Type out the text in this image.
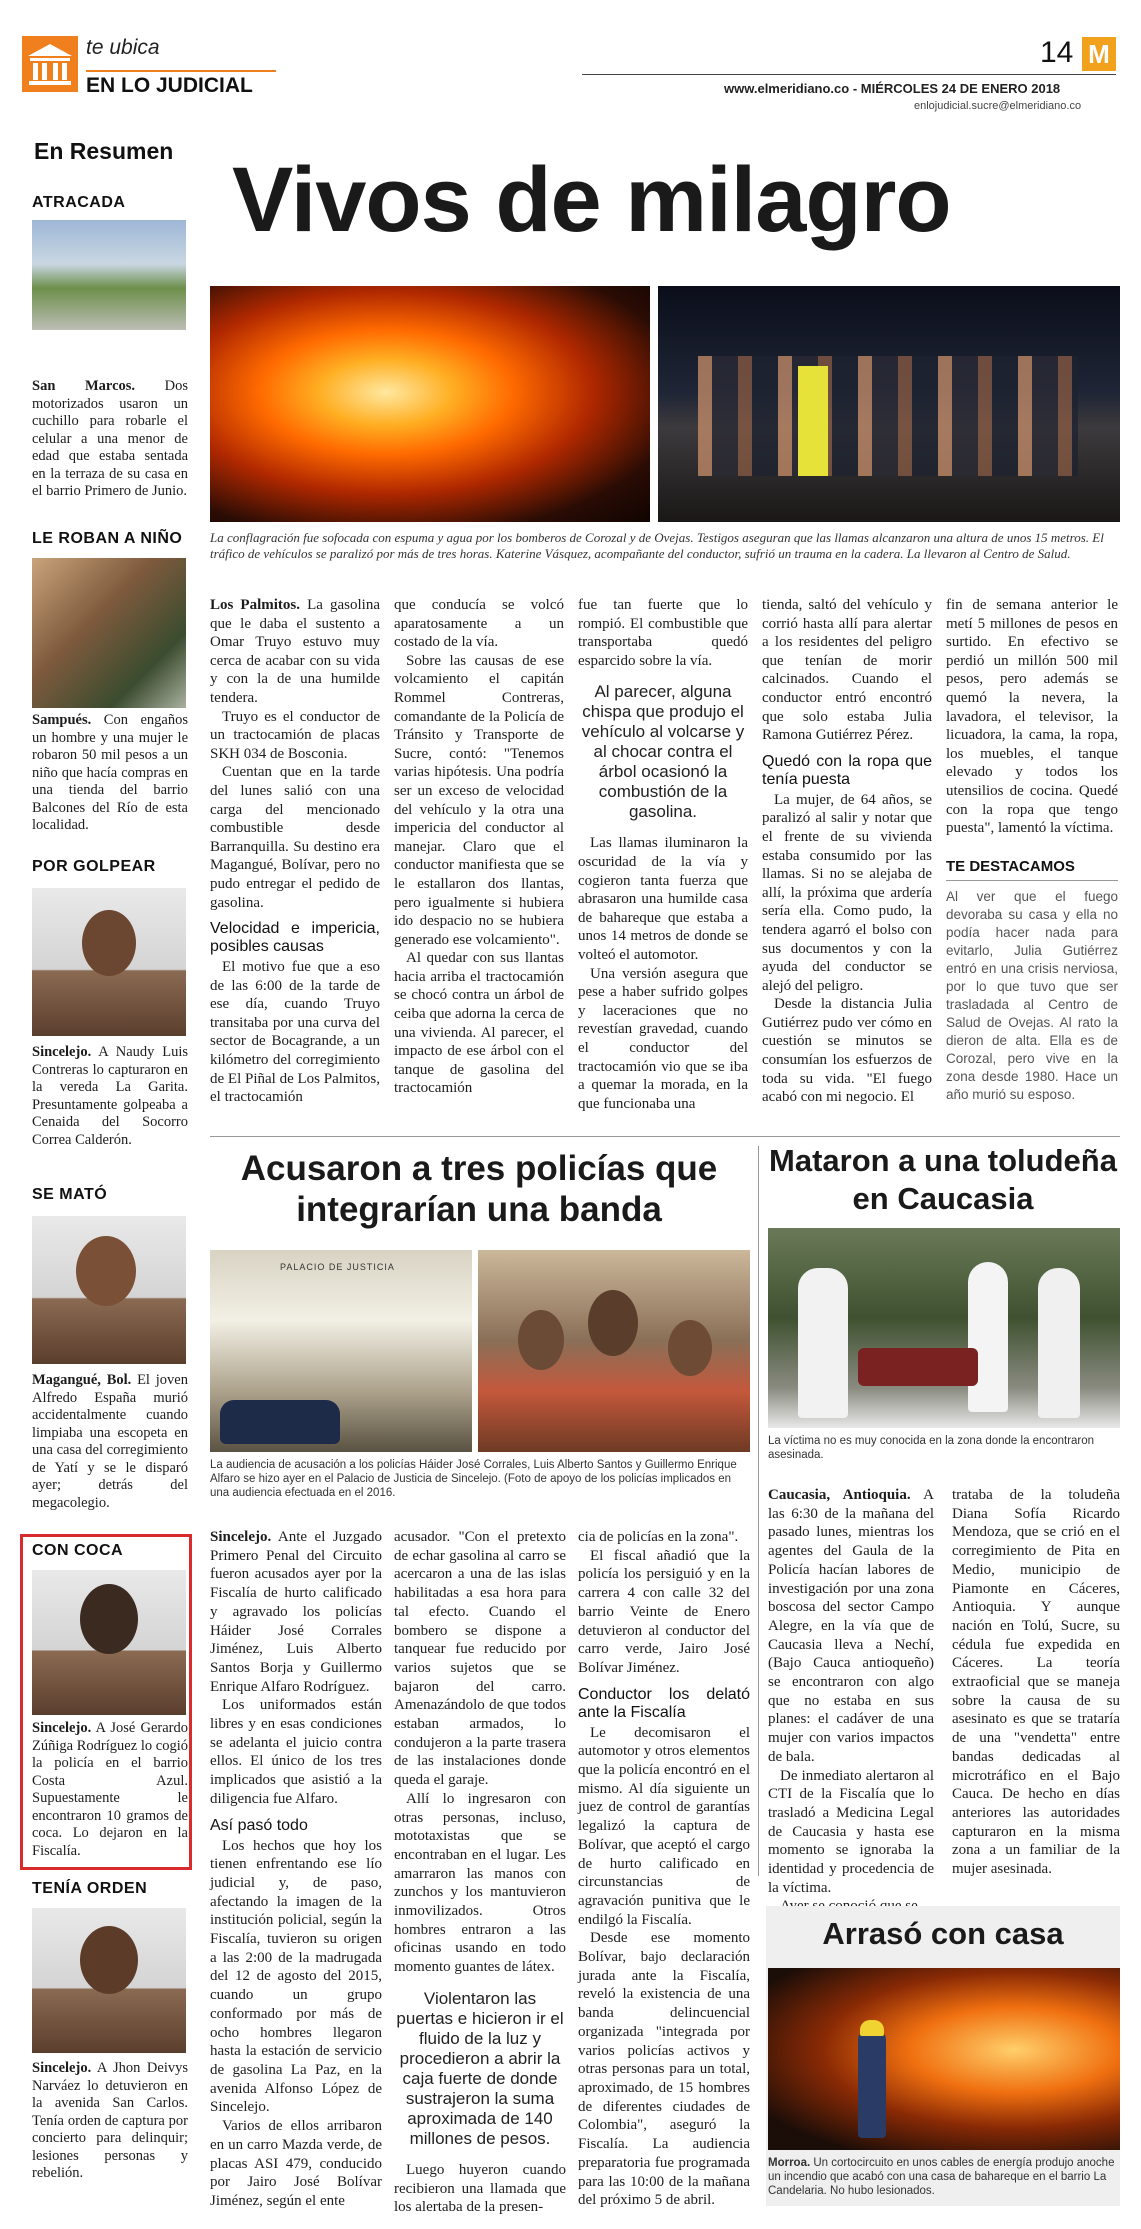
te ubica
EN LO JUDICIAL
14 M
www.elmeridiano.co - MIÉRCOLES 24 DE ENERO 2018
enlojudicial.sucre@elmeridiano.co
En Resumen
ATRACADA
San Marcos. Dos motorizados usaron un cuchillo para robarle el celular a una menor de edad que estaba sentada en la terraza de su casa en el barrio Primero de Junio.
LE ROBAN A NIÑO
Sampués. Con engaños un hombre y una mujer le robaron 50 mil pesos a un niño que hacía compras en una tienda del barrio Balcones del Río de esta localidad.
POR GOLPEAR
Sincelejo. A Naudy Luis Contreras lo capturaron en la vereda La Garita. Presuntamente golpeaba a Cenaida del Socorro Correa Calderón.
SE MATÓ
Magangué, Bol. El joven Alfredo España murió accidentalmente cuando limpiaba una escopeta en una casa del corregimiento de Yatí y se le disparó ayer; detrás del megacolegio.
CON COCA
Sincelejo. A José Gerardo Zúñiga Rodríguez lo cogió la policía en el barrio Costa Azul. Supuestamente le encontraron 10 gramos de coca. Lo dejaron en la Fiscalía.
TENÍA ORDEN
Sincelejo. A Jhon Deivys Narváez lo detuvieron en la avenida San Carlos. Tenía orden de captura por concierto para delinquir; lesiones personas y rebelión.
Vivos de milagro
La conflagración fue sofocada con espuma y agua por los bomberos de Corozal y de Ovejas. Testigos aseguran que las llamas alcanzaron una altura de unos 15 metros. El tráfico de vehículos se paralizó por más de tres horas. Katerine Vásquez, acompañante del conductor, sufrió un trauma en la cadera. La llevaron al Centro de Salud.

Los Palmitos. La gasolina que le daba el sustento a Omar Truyo estuvo muy cerca de acabar con su vida y con la de una humilde tendera.

Truyo es el conductor de un tractocamión de placas SKH 034 de Bosconia.

Cuentan que en la tarde del lunes salió con una carga del mencionado combustible desde Barranquilla. Su destino era Magangué, Bolívar, pero no pudo entregar el pedido de gasolina.

Velocidad e impericia, posibles causas

El motivo fue que a eso de las 6:00 de la tarde de ese día, cuando Truyo transitaba por una curva del sector de Bocagrande, a un kilómetro del corregimiento de El Piñal de Los Palmitos, el tractocamión

que conducía se volcó aparatosamente a un costado de la vía.

Sobre las causas de ese volcamiento el capitán Rommel Contreras, comandante de la Policía de Tránsito y Transporte de Sucre, contó: "Tenemos varias hipótesis. Una podría ser un exceso de velocidad del vehículo y la otra una impericia del conductor al manejar. Claro que el conductor manifiesta que se le estallaron dos llantas, pero igualmente si hubiera ido despacio no se hubiera generado ese volcamiento".

Al quedar con sus llantas hacia arriba el tractocamión se chocó contra un árbol de ceiba que adorna la cerca de una vivienda. Al parecer, el impacto de ese árbol con el tanque de gasolina del tractocamión

fue tan fuerte que lo rompió. El combustible que transportaba quedó esparcido sobre la vía.

Al parecer, alguna chispa que produjo el vehículo al volcarse y al chocar contra el árbol ocasionó la combustión de la gasolina.

Las llamas iluminaron la oscuridad de la vía y cogieron tanta fuerza que abrasaron una humilde casa de bahareque que estaba a unos 14 metros de donde se volteó el automotor.

Una versión asegura que pese a haber sufrido golpes y laceraciones que no revestían gravedad, cuando el conductor del tractocamión vio que se iba a quemar la morada, en la que funcionaba una

tienda, saltó del vehículo y corrió hasta allí para alertar a los residentes del peligro que tenían de morir calcinados. Cuando el conductor entró encontró que solo estaba Julia Ramona Gutiérrez Pérez.

Quedó con la ropa que tenía puesta

La mujer, de 64 años, se paralizó al salir y notar que el frente de su vivienda estaba consumido por las llamas. Si no se alejaba de allí, la próxima que ardería sería ella. Como pudo, la tendera agarró el bolso con sus documentos y con la ayuda del conductor se alejó del peligro.

Desde la distancia Julia Gutiérrez pudo ver cómo en cuestión se minutos se consumían los esfuerzos de toda su vida. "El fuego acabó con mi negocio. El

fin de semana anterior le metí 5 millones de pesos en surtido. En efectivo se perdió un millón 500 mil pesos, pero además se quemó la nevera, la lavadora, el televisor, la licuadora, la cama, la ropa, los muebles, el tanque elevado y todos los utensilios de cocina. Quedé con la ropa que tengo puesta", lamentó la víctima.

TE DESTACAMOS
Al ver que el fuego devoraba su casa y ella no podía hacer nada para evitarlo, Julia Gutiérrez entró en una crisis nerviosa, por lo que tuvo que ser trasladada al Centro de Salud de Ovejas. Al rato la dieron de alta. Ella es de Corozal, pero vive en la zona desde 1980. Hace un año murió su esposo.
Acusaron a tres policías que integrarían una banda
PALACIO DE JUSTICIA
La audiencia de acusación a los policías Háider José Corrales, Luis Alberto Santos y Guillermo Enrique Alfaro se hizo ayer en el Palacio de Justicia de Sincelejo. (Foto de apoyo de los policías implicados en una audiencia efectuada en el 2016.

Sincelejo. Ante el Juzgado Primero Penal del Circuito fueron acusados ayer por la Fiscalía de hurto calificado y agravado los policías Háider José Corrales Jiménez, Luis Alberto Santos Borja y Guillermo Enrique Alfaro Rodríguez.

Los uniformados están libres y en esas condiciones se adelanta el juicio contra ellos. El único de los tres implicados que asistió a la diligencia fue Alfaro.

Así pasó todo

Los hechos que hoy los tienen enfrentando ese lío judicial y, de paso, afectando la imagen de la institución policial, según la Fiscalía, tuvieron su origen a las 2:00 de la madrugada del 12 de agosto del 2015, cuando un grupo conformado por más de ocho hombres llegaron hasta la estación de servicio de gasolina La Paz, en la avenida Alfonso López de Sincelejo.

Varios de ellos arribaron en un carro Mazda verde, de placas ASI 479, conducido por Jairo José Bolívar Jiménez, según el ente

acusador. "Con el pretexto de echar gasolina al carro se acercaron a una de las islas habilitadas a esa hora para tal efecto. Cuando el bombero se dispone a tanquear fue reducido por varios sujetos que se bajaron del carro. Amenazándolo de que todos estaban armados, lo condujeron a la parte trasera de las instalaciones donde queda el garaje.

Allí lo ingresaron con otras personas, incluso, mototaxistas que se encontraban en el lugar. Les amarraron las manos con zunchos y los mantuvieron inmovilizados. Otros hombres entraron a las oficinas usando en todo momento guantes de látex.

Violentaron las puertas e hicieron ir el fluido de la luz y procedieron a abrir la caja fuerte de donde sustrajeron la suma aproximada de 140 millones de pesos.

Luego huyeron cuando recibieron una llamada que los alertaba de la presen-

cia de policías en la zona".

El fiscal añadió que la policía los persiguió y en la carrera 4 con calle 32 del barrio Veinte de Enero detuvieron al conductor del carro verde, Jairo José Bolívar Jiménez.

Conductor los delató ante la Fiscalía

Le decomisaron el automotor y otros elementos que la policía encontró en el mismo. Al día siguiente un juez de control de garantías legalizó la captura de Bolívar, que aceptó el cargo de hurto calificado en circunstancias de agravación punitiva que le endilgó la Fiscalía.

Desde ese momento Bolívar, bajo declaración jurada ante la Fiscalía, reveló la existencia de una banda delincuencial organizada "integrada por varios policías activos y otras personas para un total, aproximado, de 15 hombres de diferentes ciudades de Colombia", aseguró la Fiscalía. La audiencia preparatoria fue programada para las 10:00 de la mañana del próximo 5 de abril.

Mataron a una toludeña en Caucasia
La víctima no es muy conocida en la zona donde la encontraron asesinada.

Caucasia, Antioquia. A las 6:30 de la mañana del pasado lunes, mientras los agentes del Gaula de la Policía hacían labores de investigación por una zona boscosa del sector Campo Alegre, en la vía que de Caucasia lleva a Nechí, (Bajo Cauca antioqueño) se encontraron con algo que no estaba en sus planes: el cadáver de una mujer con varios impactos de bala.

De inmediato alertaron al CTI de la Fiscalía que lo trasladó a Medicina Legal de Caucasia y hasta ese momento se ignoraba la identidad y procedencia de la víctima.

trataba de la toludeña Diana Sofía Ricardo Mendoza, que se crió en el corregimiento de Pita en Medio, municipio de Piamonte en Cáceres, Antioquia. Y aunque nación en Tolú, Sucre, su cédula fue expedida en Cáceres. La teoría extraoficial que se maneja sobre la causa de su asesinato es que se trataría de una "vendetta" entre bandas dedicadas al microtráfico en el Bajo Cauca. De hecho en días anteriores las autoridades capturaron en la misma zona a un familiar de la mujer asesinada.

Arrasó con casa
Morroa. Un cortocircuito en unos cables de energía produjo anoche un incendio que acabó con una casa de bahareque en el barrio La Candelaria. No hubo lesionados.
